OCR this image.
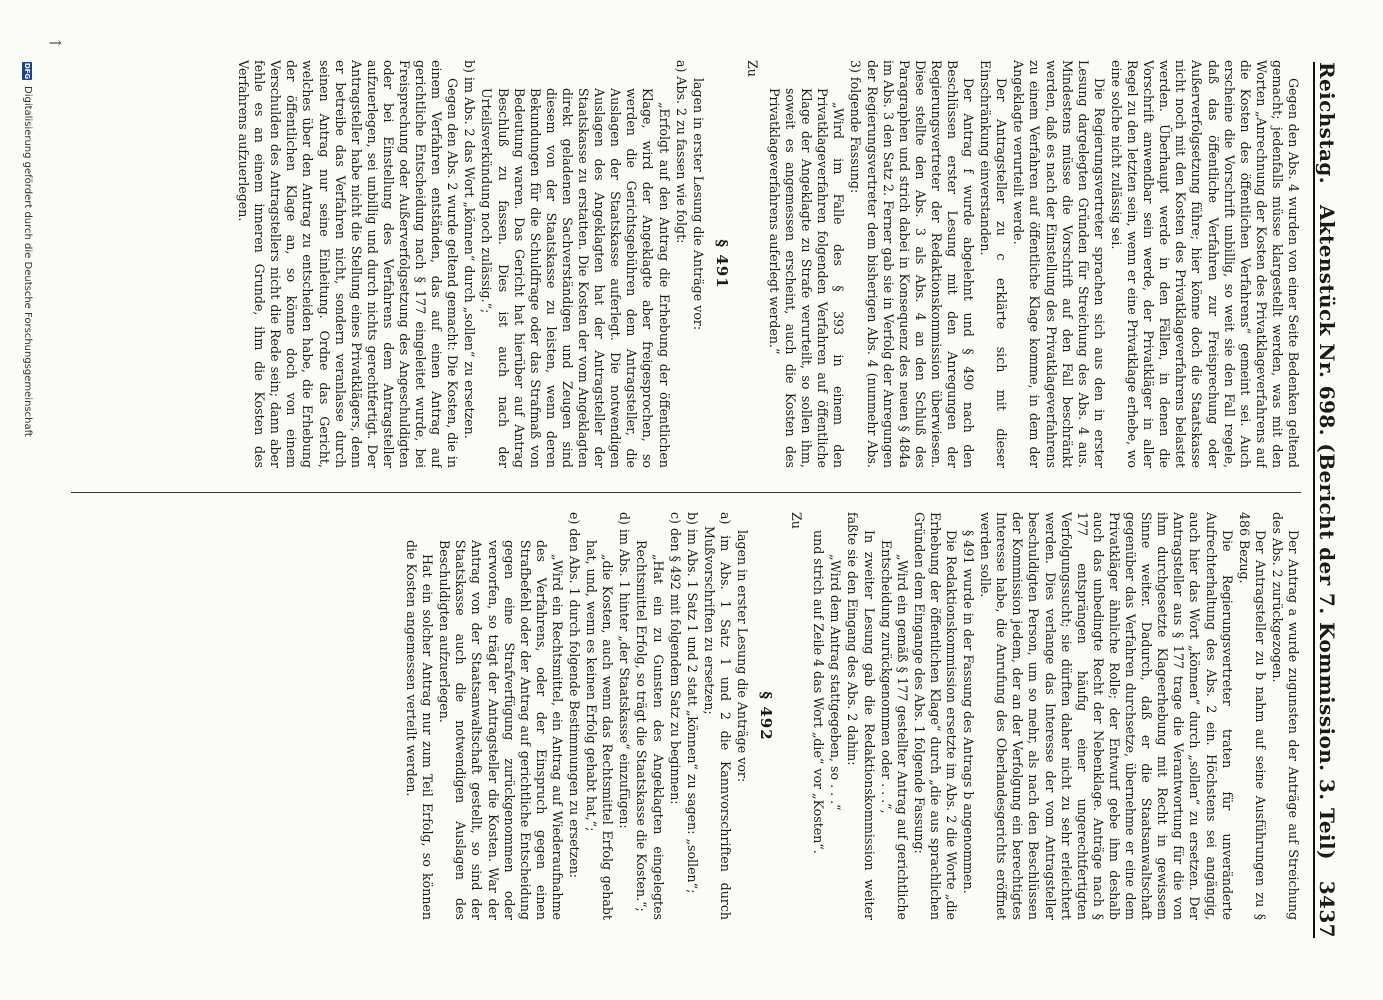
Reichstag.
Aktenstück Nr. 698. (Bericht der 7. Kommission. 3. Teil)
3437

Gegen den Abs. 4 wurden von einer Seite Bedenken geltend gemacht; jedenfalls müsse klargestellt werden, was mit den Worten „Anrechnung der Kosten des Privatklageverfahrens auf die Kosten des öffentlichen Verfahrens“ gemeint sei. Auch erscheine die Vorschrift unbillig, so weit sie den Fall regele, daß das öffentliche Verfahren zur Freisprechung oder Außerverfolgsetzung führe; hier könne doch die Staatskasse nicht noch mit den Kosten des Privatklageverfahrens belastet werden. Überhaupt werde in den Fällen, in denen die Vorschrift anwendbar sein werde, der Privatkläger in aller Regel zu den letzten sein, wenn er eine Privatklage erhebe, wo eine solche nicht zulässig sei.

Die Regierungsvertreter sprachen sich aus den in erster Lesung dargelegten Gründen für Streichung des Abs. 4 aus. Mindestens müsse die Vorschrift auf den Fall beschränkt werden, daß es nach der Einstellung des Privatklageverfahrens zu einem Verfahren auf öffentliche Klage komme, in dem der Angeklagte verurteilt werde.

Der Antragsteller zu c erklärte sich mit dieser Einschränkung einverstanden.

Der Antrag f wurde abgelehnt und § 490 nach den Beschlüssen erster Lesung mit den Anregungen der Regierungsvertreter der Redaktionskommission überwiesen. Diese stellte den Abs. 3 als Abs. 4 an den Schluß des Paragraphen und strich dabei in Konsequenz des neuen § 484a im Abs. 3 den Satz 2. Ferner gab sie in Verfolg der Anregungen der Regierungsvertreter dem bisherigen Abs. 4 (nunmehr Abs. 3) folgende Fassung:

„Wird im Falle des § 393 in einem den Privatklageverfahren folgenden Verfahren auf öffentliche Klage der Angeklagte zu Strafe verurteilt, so sollen ihm, soweit es angemessen erscheint, auch die Kosten des Privatklageverfahrens auferlegt werden.“

Zu

§ 491

lagen in erster Lesung die Anträge vor:

a) Abs. 2 zu fassen wie folgt:

„Erfolgt auf den Antrag die Erhebung der öffentlichen Klage, wird der Angeklagte aber freigesprochen, so werden die Gerichtsgebühren dem Antragsteller, die Auslagen der Staatskasse auferlegt. Die notwendigen Auslagen des Angeklagten hat der Antragsteller der Staatskasse zu erstatten. Die Kosten der vom Angeklagten direkt geladenen Sachverständigen und Zeugen sind diesem von der Staatskasse zu leisten, wenn deren Bekundungen für die Schuldfrage oder das Strafmaß von Bedeutung waren. Das Gericht hat hierüber auf Antrag Beschluß zu fassen. Dies ist auch nach der Urteilsverkündung noch zulässig.“;

b) im Abs. 2 das Wort „können“ durch „sollen“ zu ersetzen.

Gegen den Abs. 2 wurde geltend gemacht: Die Kosten, die in einem Verfahren entständen, das auf einen Antrag auf gerichtliche Entscheidung nach § 177 eingeleitet wurde, bei Freisprechung oder Außerverfolgsetzung des Angeschuldigten oder bei Einstellung des Verfahrens dem Antragsteller aufzuerlegen, sei unbillig und durch nichts gerechtfertigt. Der Antragsteller habe nicht die Stellung eines Privatklägers, denn er betreibe das Verfahren nicht, sondern veranlasse durch seinen Antrag nur seine Einleitung. Ordne das Gericht, welches über den Antrag zu entscheiden habe, die Erhebung der öffentlichen Klage an, so könne doch von einem Verschulden des Antragstellers nicht die Rede sein; dann aber fehle es an einem inneren Grunde, ihm die Kosten des Verfahrens aufzuerlegen.

Der Antrag a wurde zugunsten der Anträge auf Streichung des Abs. 2 zurückgezogen.

Der Antragsteller zu b nahm auf seine Ausführungen zu § 486 Bezug.

Die Regierungsvertreter traten für unveränderte Aufrechterhaltung des Abs. 2 ein. Höchstens sei angängig, auch hier das Wort „können“ durch „sollen“ zu ersetzen. Der Antragsteller aus § 177 trage die Verantwortung für die von ihm durchgesetzte Klageerhebung mit Recht in gewissem Sinne weiter. Dadurch, daß er die Staatsanwaltschaft gegenüber das Verfahren durchsetze, übernehme er eine dem Privatkläger ähnliche Rolle; der Entwurf gebe ihm deshalb auch das unbedingte Recht der Nebenklage. Anträge nach § 177 entsprängen häufig einer ungerechtfertigten Verfolgungssucht; sie dürften daher nicht zu sehr erleichtert werden. Dies verlange das Interesse der vom Antragsteller beschuldigten Person, um so mehr, als nach den Beschlüssen der Kommission jedem, der an der Verfolgung ein berechtigtes Interesse habe, die Anrufung des Oberlandesgerichts eröffnet werden solle.

§ 491 wurde in der Fassung des Antrags b angenommen.

Die Redaktionskommission ersetzte im Abs. 2 die Worte „die Erhebung der öffentlichen Klage“ durch „die aus sprachlichen Gründen dem Eingange des Abs. 1 folgende Fassung:

„Wird ein gemäß § 177 gestellter Antrag auf gerichtliche Entscheidung zurückgenommen oder . . .“,

In zweiter Lesung gab die Redaktionskommission weiter faßte sie den Eingang des Abs. 2 dahin:

„Wird dem Antrag stattgegeben, so . . .“

und strich auf Zeile 4 das Wort „die“ vor „Kosten“.

Zu

§ 492

lagen in erster Lesung die Anträge vor:

a) im Abs. 1 Satz 1 und 2 die Kannvorschriften durch Mußvorschriften zu ersetzen;

b) im Abs. 1 Satz 1 und 2 statt „können“ zu sagen: „sollen“;

c) den § 492 mit folgendem Satz zu beginnen:

„Hat ein zu Gunsten des Angeklagten eingelegtes Rechtsmittel Erfolg, so trägt die Staatskasse die Kosten.“;

d) im Abs. 1 hinter „der Staatskasse“ einzufügen:

„die Kosten, auch wenn das Rechtsmittel Erfolg gehabt hat, und, wenn es keinen Erfolg gehabt hat,“;

e) den Abs. 1 durch folgende Bestimmungen zu ersetzen:

„Wird ein Rechtsmittel, ein Antrag auf Wiederaufnahme des Verfahrens, oder der Einspruch gegen einen Strafbefehl oder der Antrag auf gerichtliche Entscheidung gegen eine Strafverfügung zurückgenommen oder verworfen, so trägt der Antragsteller die Kosten. War der Antrag von der Staatsanwaltschaft gestellt, so sind der Staatskasse auch die notwendigen Auslagen des Beschuldigten aufzuerlegen.

Hat ein solcher Antrag nur zum Teil Erfolg, so können die Kosten angemessen verteilt werden.

↗
DFG
Digitalisierung gefördert durch die Deutsche Forschungsgemeinschaft
